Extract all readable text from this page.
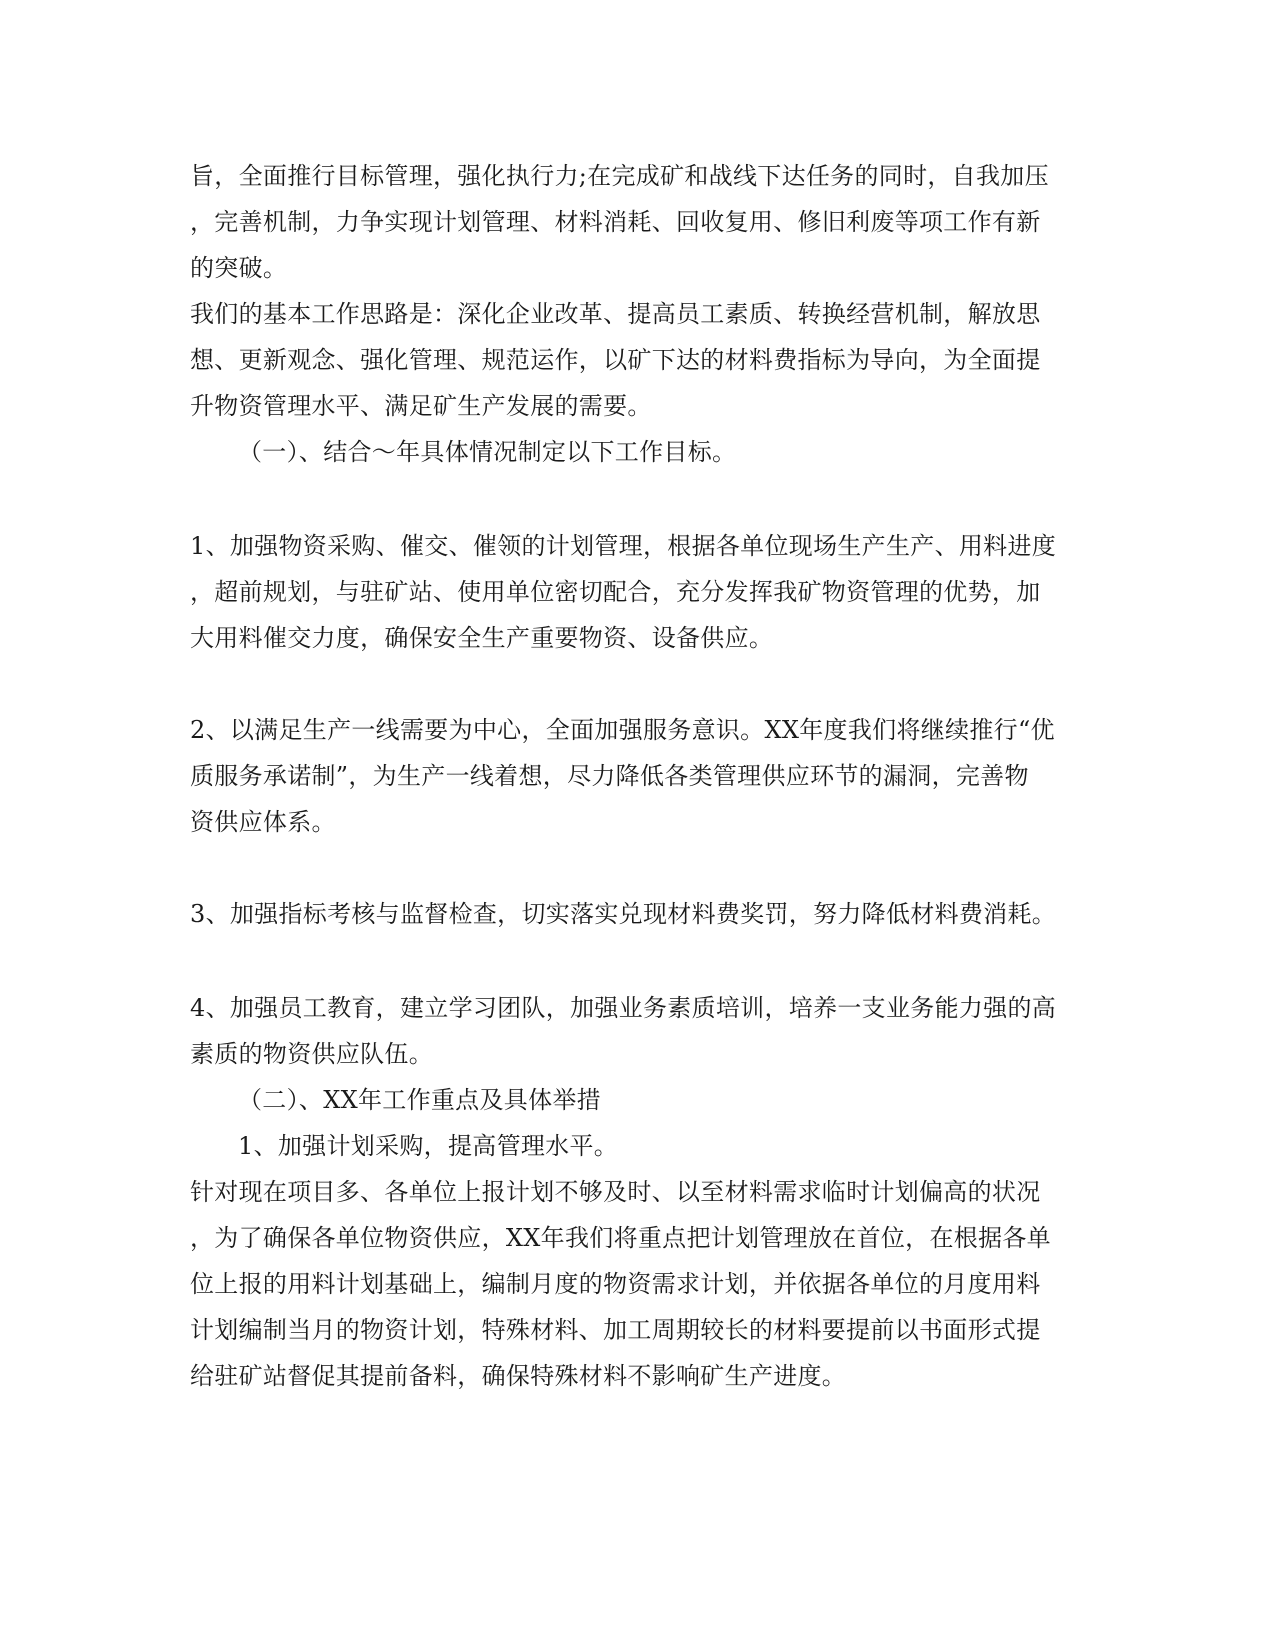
旨，全面推行目标管理，强化执行力;在完成矿和战线下达任务的同时，自我加压
，完善机制，力争实现计划管理、材料消耗、回收复用、修旧利废等项工作有新
的突破。
我们的基本工作思路是：深化企业改革、提高员工素质、转换经营机制，解放思
想、更新观念、强化管理、规范运作，以矿下达的材料费指标为导向，为全面提
升物资管理水平、满足矿生产发展的需要。
（一）、结合～年具体情况制定以下工作目标。
1、加强物资采购、催交、催领的计划管理，根据各单位现场生产生产、用料进度
，超前规划，与驻矿站、使用单位密切配合，充分发挥我矿物资管理的优势，加
大用料催交力度，确保安全生产重要物资、设备供应。
2、以满足生产一线需要为中心，全面加强服务意识。XX年度我们将继续推行“优
质服务承诺制”，为生产一线着想，尽力降低各类管理供应环节的漏洞，完善物
资供应体系。
3、加强指标考核与监督检查，切实落实兑现材料费奖罚，努力降低材料费消耗。
4、加强员工教育，建立学习团队，加强业务素质培训，培养一支业务能力强的高
素质的物资供应队伍。
（二）、XX年工作重点及具体举措
1、加强计划采购，提高管理水平。
针对现在项目多、各单位上报计划不够及时、以至材料需求临时计划偏高的状况
，为了确保各单位物资供应，XX年我们将重点把计划管理放在首位，在根据各单
位上报的用料计划基础上，编制月度的物资需求计划，并依据各单位的月度用料
计划编制当月的物资计划，特殊材料、加工周期较长的材料要提前以书面形式提
给驻矿站督促其提前备料，确保特殊材料不影响矿生产进度。
